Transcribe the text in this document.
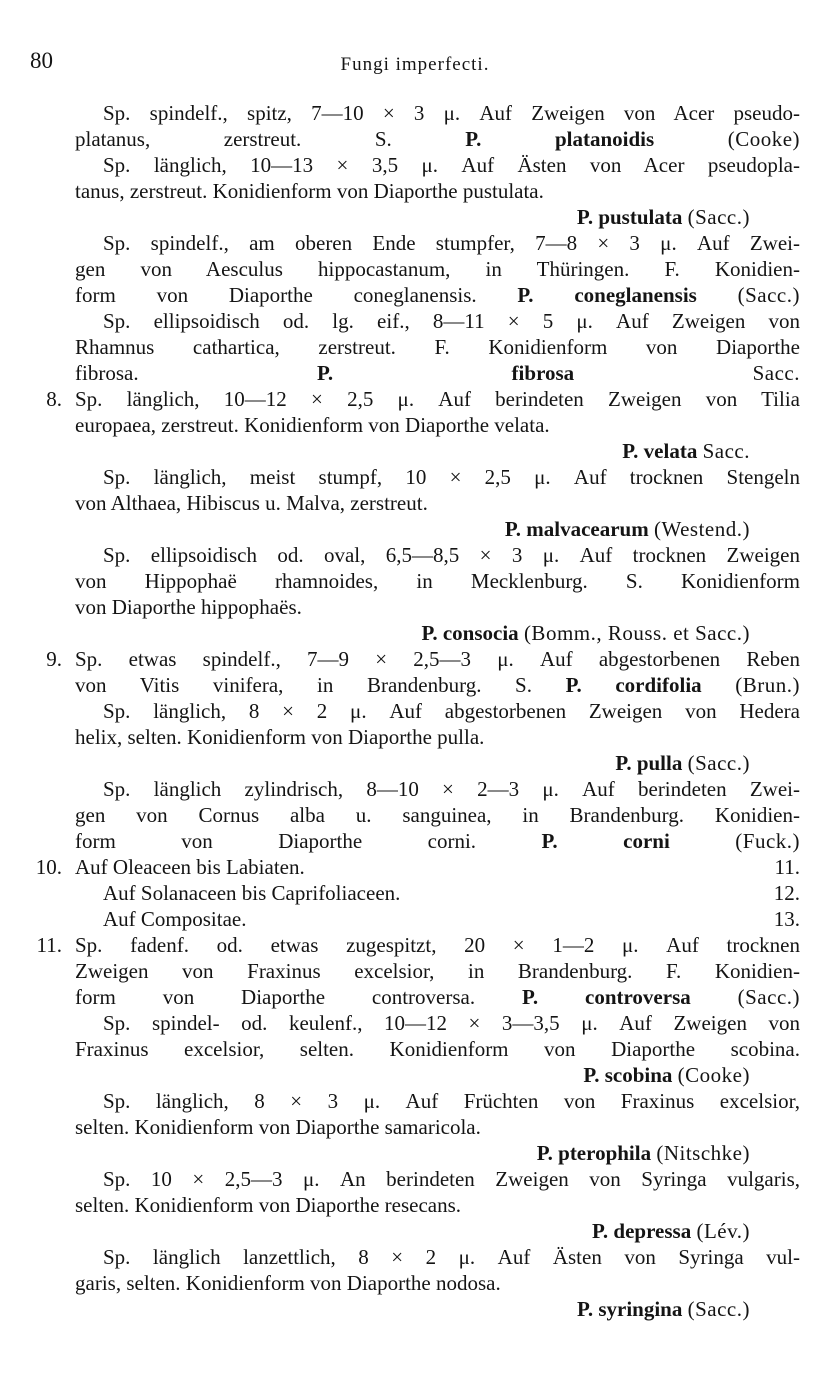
80	Fungi imperfecti.
Sp. spindelf., spitz, 7—10 × 3 μ. Auf Zweigen von Acer pseudo-
platanus, zerstreut. S.	P. platanoidis	(Cooke)
Sp. länglich, 10—13 × 3,5 μ. Auf Ästen von Acer pseudopla-
tanus, zerstreut. Konidienform von Diaporthe pustulata.
P. pustulata (Sacc.)
Sp. spindelf., am oberen Ende stumpfer, 7—8 × 3 μ. Auf Zwei-
gen von Aesculus hippocastanum, in Thüringen. F. Konidien-
form von Diaporthe coneglanensis. P. coneglanensis (Sacc.)
Sp. ellipsoidisch od. lg. eif., 8—11 × 5 μ. Auf Zweigen von
Rhamnus cathartica, zerstreut. F. Konidienform von Diaporthe
fibrosa.	P. fibrosa	Sacc.
8. Sp. länglich, 10—12 × 2,5 μ. Auf berindeten Zweigen von Tilia
europaea, zerstreut. Konidienform von Diaporthe velata.
P. velata Sacc.
Sp. länglich, meist stumpf, 10 × 2,5 μ. Auf trocknen Stengeln
von Althaea, Hibiscus u. Malva, zerstreut.
P. malvacearum (Westend.)
Sp. ellipsoidisch od. oval, 6,5—8,5 × 3 μ. Auf trocknen Zweigen
von Hippophaë rhamnoides, in Mecklenburg. S. Konidienform
von Diaporthe hippophaës.
P. consocia (Bomm., Rouss. et Sacc.)
9. Sp. etwas spindelf., 7—9 × 2,5—3 μ. Auf abgestorbenen Reben
von Vitis vinifera, in Brandenburg. S. P. cordifolia (Brun.)
Sp. länglich, 8 × 2 μ. Auf abgestorbenen Zweigen von Hedera
helix, selten. Konidienform von Diaporthe pulla.
P. pulla (Sacc.)
Sp. länglich zylindrisch, 8—10 × 2—3 μ. Auf berindeten Zwei-
gen von Cornus alba u. sanguinea, in Brandenburg. Konidien-
form von Diaporthe corni.	P. corni	(Fuck.)
10. Auf Oleaceen bis Labiaten.	11.
Auf Solanaceen bis Caprifoliaceen.	12.
Auf Compositae.	13.
11. Sp. fadenf. od. etwas zugespitzt, 20 × 1—2 μ. Auf trocknen
Zweigen von Fraxinus excelsior, in Brandenburg. F. Konidien-
form von Diaporthe controversa. P. controversa (Sacc.)
Sp. spindel- od. keulenf., 10—12 × 3—3,5 μ. Auf Zweigen von
Fraxinus excelsior, selten. Konidienform von Diaporthe scobina.
P. scobina (Cooke)
Sp. länglich, 8 × 3 μ. Auf Früchten von Fraxinus excelsior,
selten. Konidienform von Diaporthe samaricola.
P. pterophila (Nitschke)
Sp. 10 × 2,5—3 μ. An berindeten Zweigen von Syringa vulgaris,
selten. Konidienform von Diaporthe resecans.
P. depressa (Lév.)
Sp. länglich lanzettlich, 8 × 2 μ. Auf Ästen von Syringa vul-
garis, selten. Konidienform von Diaporthe nodosa.
P. syringina (Sacc.)
